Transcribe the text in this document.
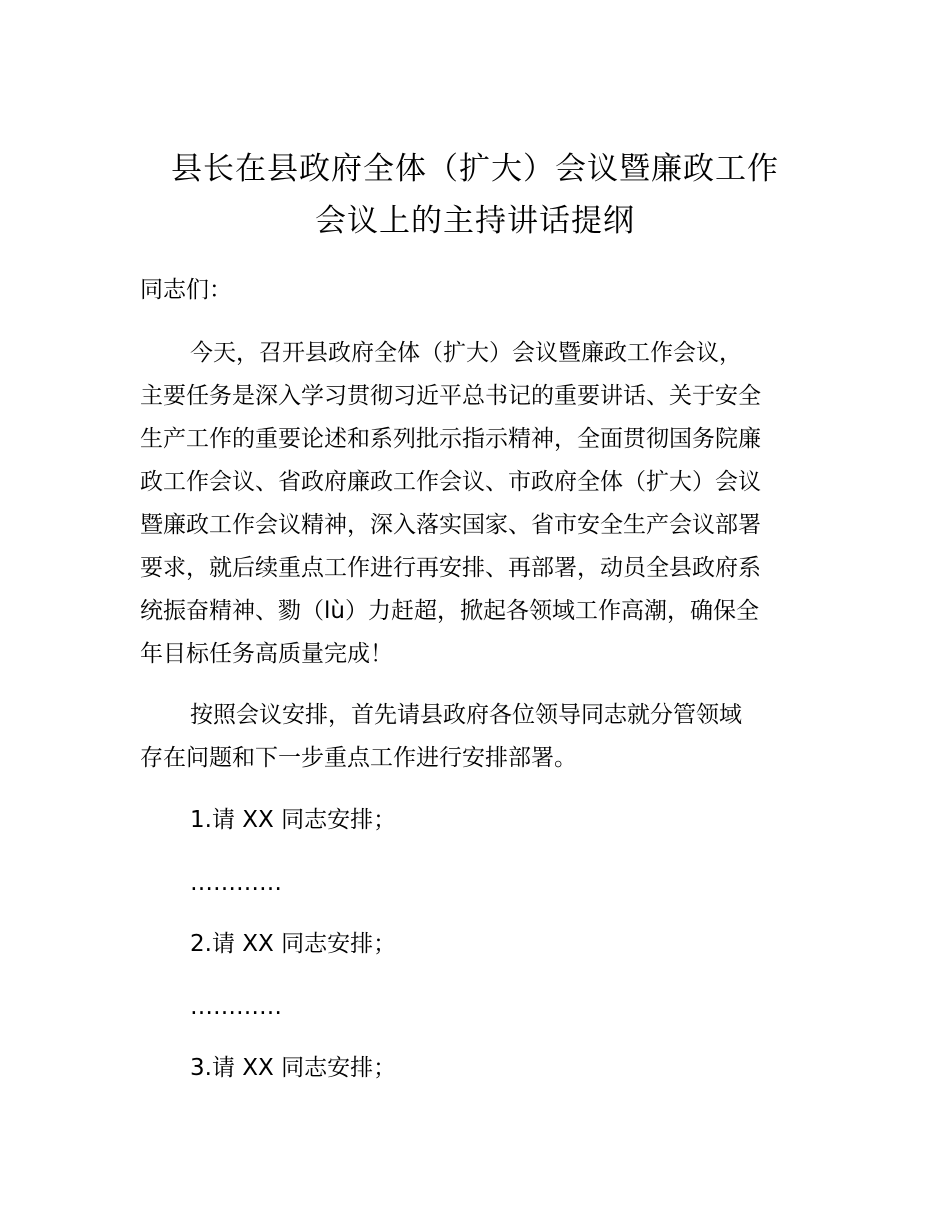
县长在县政府全体（扩大）会议暨廉政工作
会议上的主持讲话提纲
同志们：
今天，召开县政府全体（扩大）会议暨廉政工作会议，
主要任务是深入学习贯彻习近平总书记的重要讲话、关于安全
生产工作的重要论述和系列批示指示精神，全面贯彻国务院廉
政工作会议、省政府廉政工作会议、市政府全体（扩大）会议
暨廉政工作会议精神，深入落实国家、省市安全生产会议部署
要求，就后续重点工作进行再安排、再部署，动员全县政府系
统振奋精神、勠（lù）力赶超，掀起各领域工作高潮，确保全
年目标任务高质量完成！
按照会议安排，首先请县政府各位领导同志就分管领域
存在问题和下一步重点工作进行安排部署。
1.请 XX 同志安排；
…………
2.请 XX 同志安排；
…………
3.请 XX 同志安排；
